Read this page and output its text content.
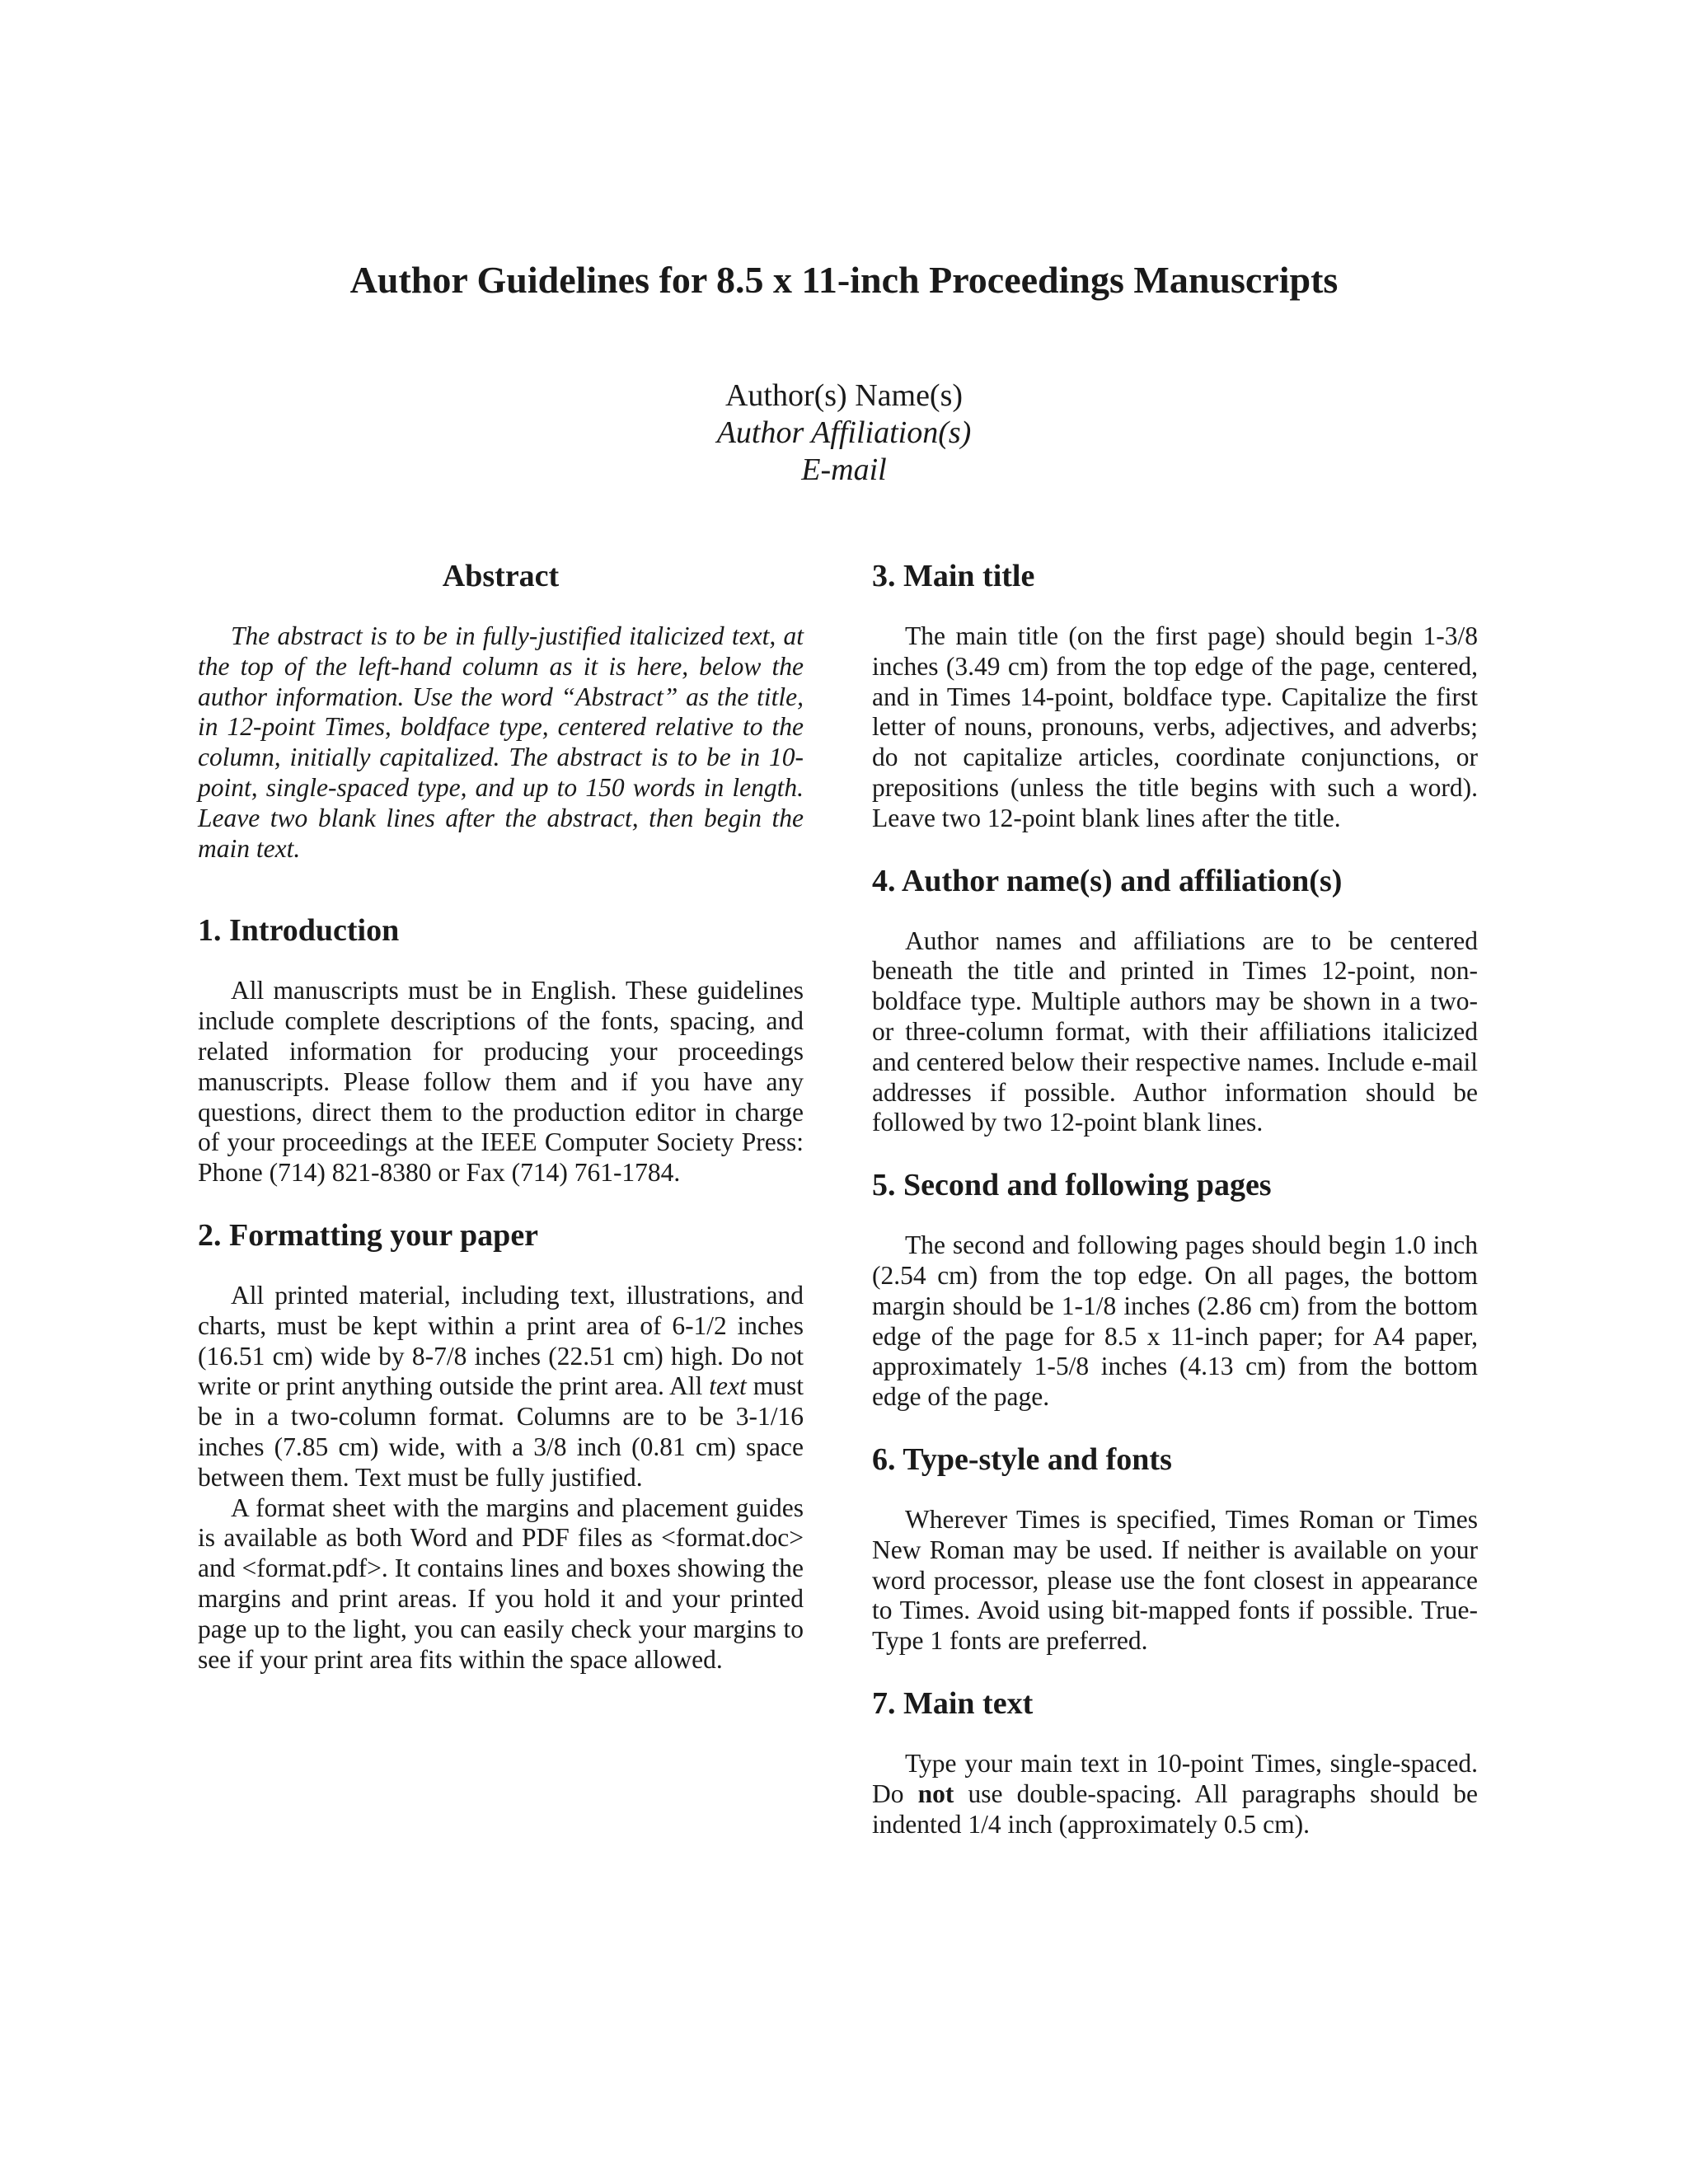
Author Guidelines for 8.5 x 11-inch Proceedings Manuscripts
Author(s) Name(s)
Author Affiliation(s)
E-mail
Abstract

The abstract is to be in fully-justified italicized text, at the top of the left-hand column as it is here, below the author information. Use the word “Abstract” as the title, in 12-point Times, boldface type, centered relative to the column, initially capitalized. The abstract is to be in 10-point, single-spaced type, and up to 150 words in length. Leave two blank lines after the abstract, then begin the main text.

1. Introduction

All manuscripts must be in English. These guidelines include complete descriptions of the fonts, spacing, and related information for producing your proceedings manuscripts. Please follow them and if you have any questions, direct them to the production editor in charge of your proceedings at the IEEE Computer Society Press: Phone (714) 821-8380 or Fax (714) 761-1784.

2. Formatting your paper

All printed material, including text, illustrations, and charts, must be kept within a print area of 6-1/2 inches (16.51 cm) wide by 8-7/8 inches (22.51 cm) high. Do not write or print anything outside the print area. All text must be in a two-column format. Columns are to be 3-1/16 inches (7.85 cm) wide, with a 3/8 inch (0.81 cm) space between them. Text must be fully justified.

A format sheet with the margins and placement guides is available as both Word and PDF files as <format.doc> and <format.pdf>. It contains lines and boxes showing the margins and print areas. If you hold it and your printed page up to the light, you can easily check your margins to see if your print area fits within the space allowed.

3. Main title

The main title (on the first page) should begin 1-3/8 inches (3.49 cm) from the top edge of the page, centered, and in Times 14-point, boldface type. Capitalize the first letter of nouns, pronouns, verbs, adjectives, and adverbs; do not capitalize articles, coordinate conjunctions, or prepositions (unless the title begins with such a word). Leave two 12-point blank lines after the title.

4. Author name(s) and affiliation(s)

Author names and affiliations are to be centered beneath the title and printed in Times 12-point, non-boldface type. Multiple authors may be shown in a two- or three-column format, with their affiliations italicized and centered below their respective names. Include e-mail addresses if possible. Author information should be followed by two 12-point blank lines.

5. Second and following pages

The second and following pages should begin 1.0 inch (2.54 cm) from the top edge. On all pages, the bottom margin should be 1-1/8 inches (2.86 cm) from the bottom edge of the page for 8.5 x 11-inch paper; for A4 paper, approximately 1-5/8 inches (4.13 cm) from the bottom edge of the page.

6. Type-style and fonts

Wherever Times is specified, Times Roman or Times New Roman may be used. If neither is available on your word processor, please use the font closest in appearance to Times. Avoid using bit-mapped fonts if possible. True-Type 1 fonts are preferred.

7. Main text

Type your main text in 10-point Times, single-spaced. Do not use double-spacing. All paragraphs should be indented 1/4 inch (approximately 0.5 cm).
